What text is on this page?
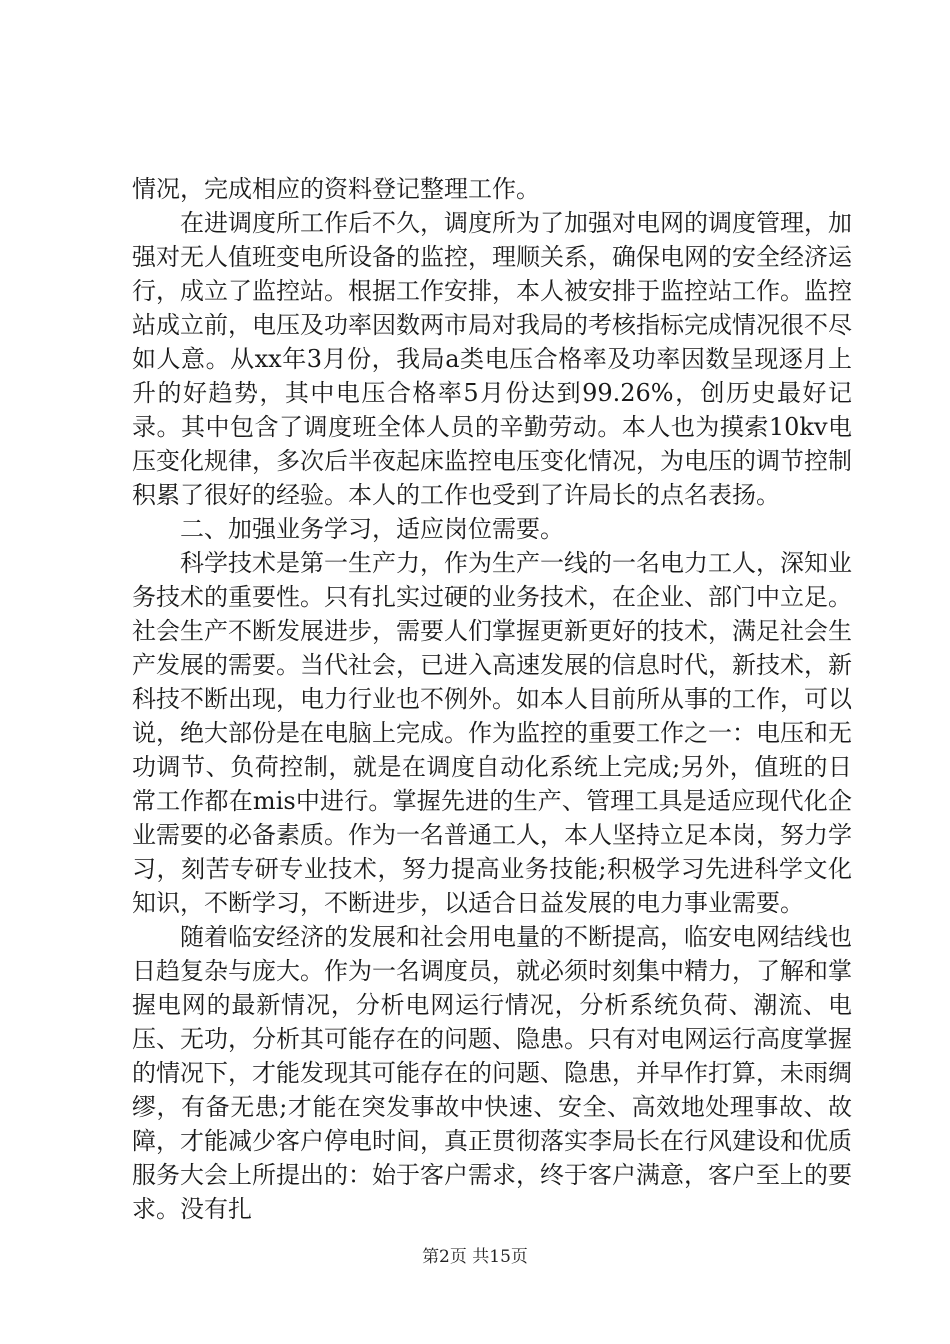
情况，完成相应的资料登记整理工作。

在进调度所工作后不久，调度所为了加强对电网的调度管理，加强对无人值班变电所设备的监控，理顺关系，确保电网的安全经济运行，成立了监控站。根据工作安排，本人被安排于监控站工作。监控站成立前，电压及功率因数两市局对我局的考核指标完成情况很不尽如人意。从xx年3月份，我局a类电压合格率及功率因数呈现逐月上升的好趋势，其中电压合格率5月份达到99.26%，创历史最好记录。其中包含了调度班全体人员的辛勤劳动。本人也为摸索10kv电压变化规律，多次后半夜起床监控电压变化情况，为电压的调节控制积累了很好的经验。本人的工作也受到了许局长的点名表扬。

二、加强业务学习，适应岗位需要。

科学技术是第一生产力，作为生产一线的一名电力工人，深知业务技术的重要性。只有扎实过硬的业务技术，在企业、部门中立足。社会生产不断发展进步，需要人们掌握更新更好的技术，满足社会生产发展的需要。当代社会，已进入高速发展的信息时代，新技术，新科技不断出现，电力行业也不例外。如本人目前所从事的工作，可以说，绝大部份是在电脑上完成。作为监控的重要工作之一：电压和无功调节、负荷控制，就是在调度自动化系统上完成;另外，值班的日常工作都在mis中进行。掌握先进的生产、管理工具是适应现代化企业需要的必备素质。作为一名普通工人，本人坚持立足本岗，努力学习，刻苦专研专业技术，努力提高业务技能;积极学习先进科学文化知识，不断学习，不断进步，以适合日益发展的电力事业需要。

随着临安经济的发展和社会用电量的不断提高，临安电网结线也日趋复杂与庞大。作为一名调度员，就必须时刻集中精力，了解和掌握电网的最新情况，分析电网运行情况，分析系统负荷、潮流、电压、无功，分析其可能存在的问题、隐患。只有对电网运行高度掌握的情况下，才能发现其可能存在的问题、隐患，并早作打算，未雨绸缪，有备无患;才能在突发事故中快速、安全、高效地处理事故、故障，才能减少客户停电时间，真正贯彻落实李局长在行风建设和优质服务大会上所提出的：始于客户需求，终于客户满意，客户至上的要求。没有扎

第2页 共15页
